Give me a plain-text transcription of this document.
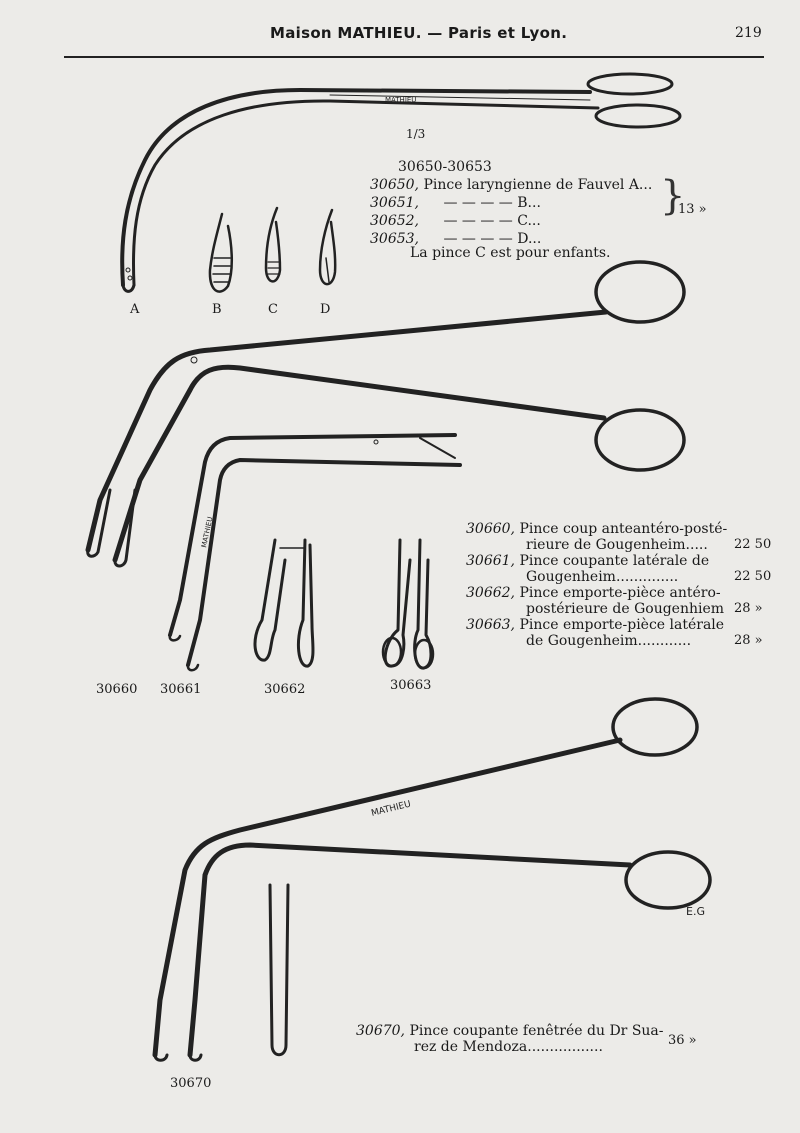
Maison MATHIEU. — Paris et Lyon.	219
MATHIEU
MATHIEU
MATHIEU
E.G
1/3
30650-30653
30650, Pince laryngienne de Fauvel A...
30651, — — — — B...
30652, — — — — C...
30653, — — — — D...
}
13 »
La pince C est pour enfants.
A	B	C	D
30660, Pince coup anteantéro-posté-
rieure de Gougenheim..... 22 50
30661, Pince coupante latérale de
Gougenheim..............	22 50
30662, Pince emporte-pièce antéro-
postérieure de Gougenhiem 28 »
30663, Pince emporte-pièce latérale
de Gougenheim............	28 »
30660 30661	30662	30663
30670, Pince coupante fenêtrée du Dr Sua-
rez de Mendoza.................	36 »
30670
